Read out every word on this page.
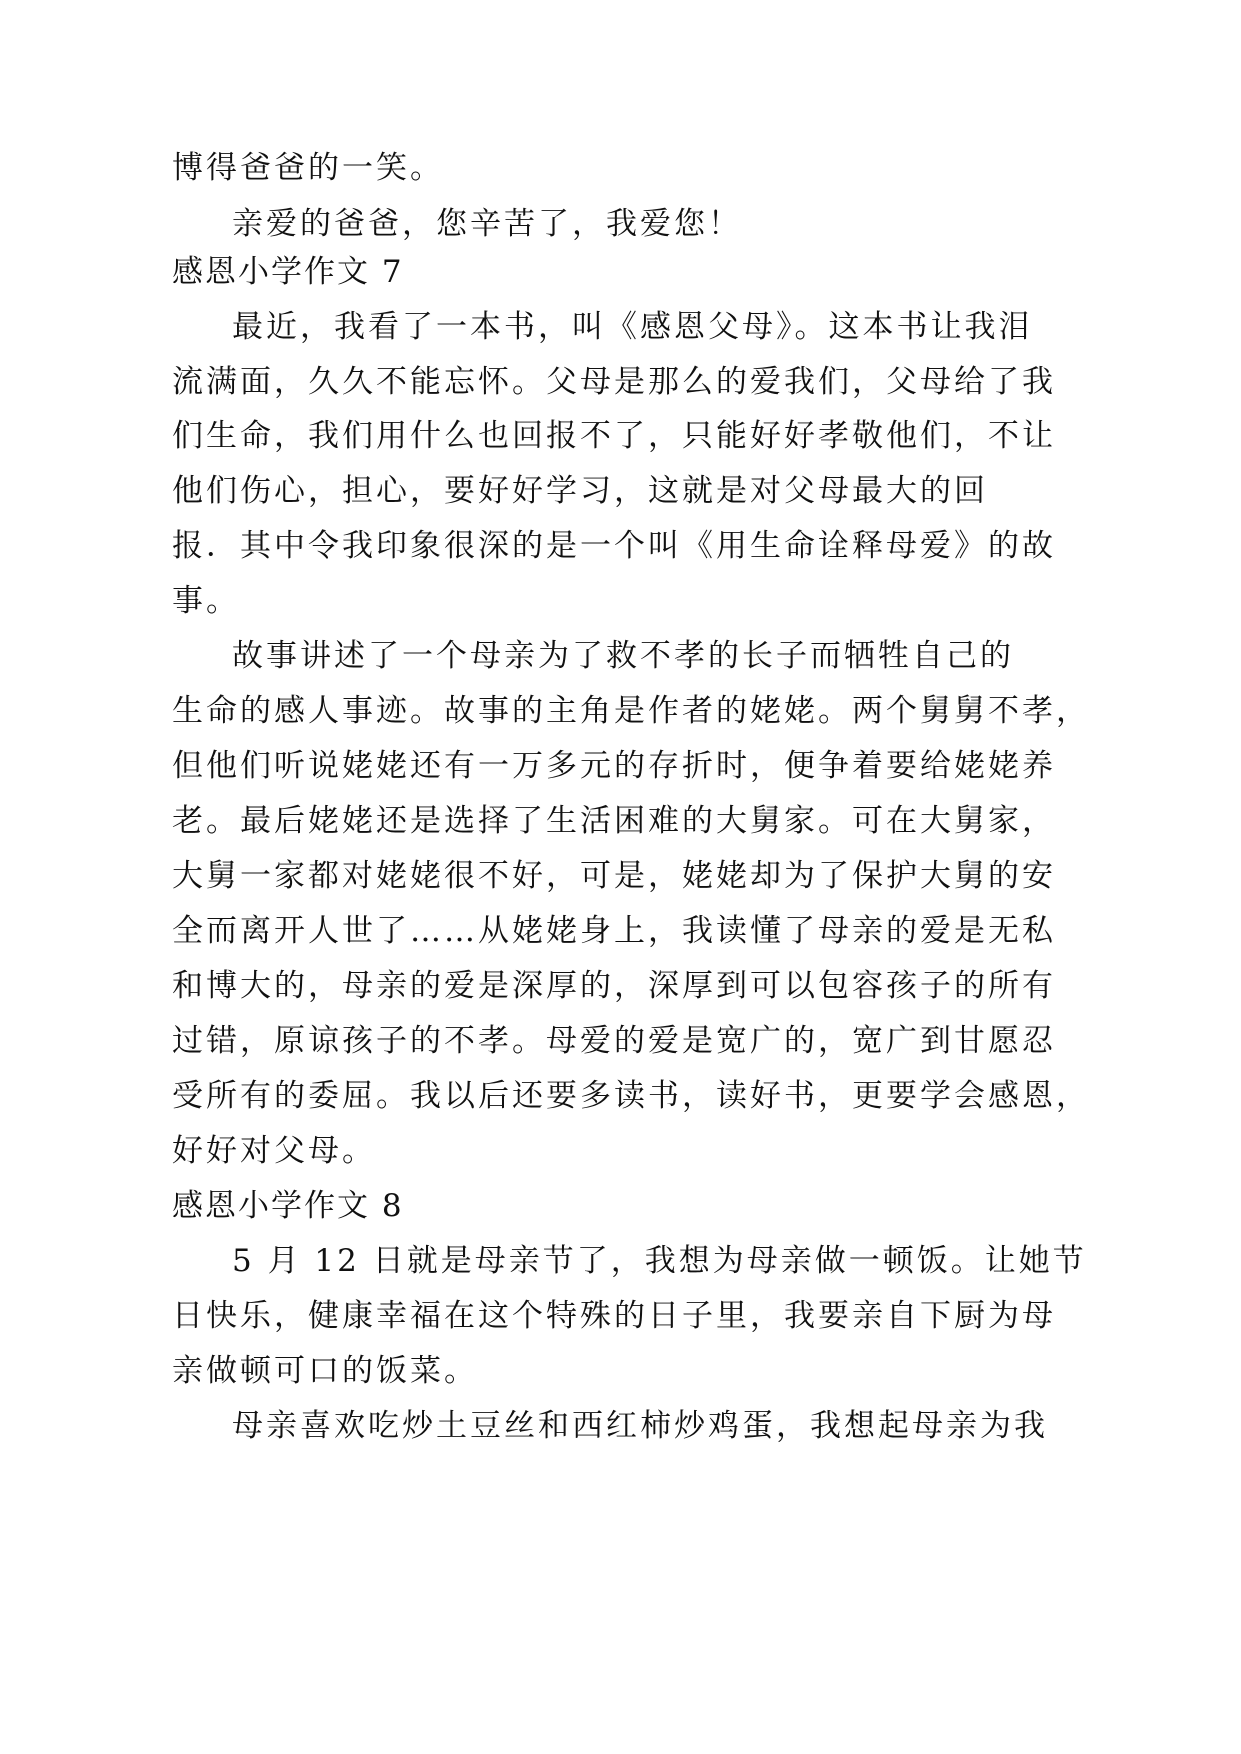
博得爸爸的一笑。

亲爱的爸爸，您辛苦了，我爱您！

感恩小学作文 7

最近，我看了一本书，叫《感恩父母》。这本书让我泪

流满面，久久不能忘怀。父母是那么的爱我们，父母给了我

们生命，我们用什么也回报不了，只能好好孝敬他们，不让

他们伤心，担心，要好好学习，这就是对父母最大的回

报．其中令我印象很深的是一个叫《用生命诠释母爱》的故

事。

故事讲述了一个母亲为了救不孝的长子而牺牲自己的

生命的感人事迹。故事的主角是作者的姥姥。两个舅舅不孝，

但他们听说姥姥还有一万多元的存折时，便争着要给姥姥养

老。最后姥姥还是选择了生活困难的大舅家。可在大舅家，

大舅一家都对姥姥很不好，可是，姥姥却为了保护大舅的安

全而离开人世了……从姥姥身上，我读懂了母亲的爱是无私

和博大的，母亲的爱是深厚的，深厚到可以包容孩子的所有

过错，原谅孩子的不孝。母爱的爱是宽广的，宽广到甘愿忍

受所有的委屈。我以后还要多读书，读好书，更要学会感恩，

好好对父母。

感恩小学作文 8

5 月 12 日就是母亲节了，我想为母亲做一顿饭。让她节

日快乐，健康幸福在这个特殊的日子里，我要亲自下厨为母

亲做顿可口的饭菜。

母亲喜欢吃炒土豆丝和西红柿炒鸡蛋，我想起母亲为我
